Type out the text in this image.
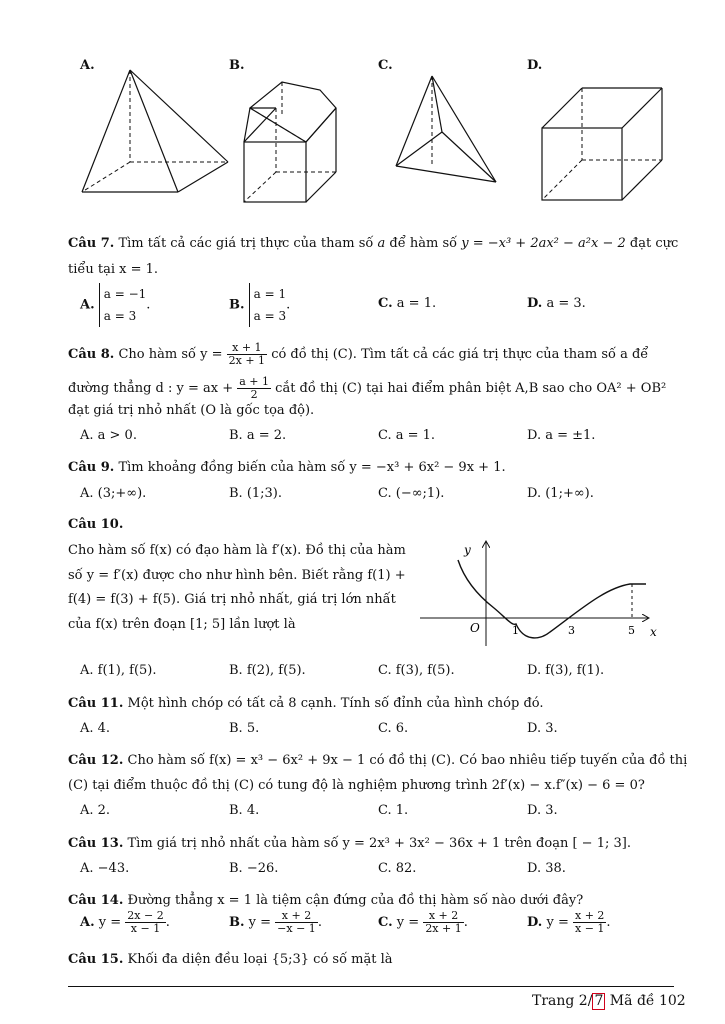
A.	B.	C.	D.
Câu 7. Tìm tất cả các giá trị thực của tham số a để hàm số y = −x³ + 2ax² − a²x − 2 đạt cực
tiểu tại x = 1.
A.
a = −1
a = 3
.	B.
a = 1
a = 3
.	C. a = 1.	D. a = 3.
Câu 8. Cho hàm số $y = \frac{x + 1}{2x + 1}$ có đồ thị (C). Tìm tất cả các giá trị thực của tham số a để
đường thẳng d : y = ax + $\frac{a + 1}{2}$ cắt đồ thị (C) tại hai điểm phân biệt A,B sao cho OA² + OB²
đạt giá trị nhỏ nhất (O là gốc tọa độ).
A. a > 0.	B. a = 2.	C. a = 1.	D. a = ±1.
Câu 9. Tìm khoảng đồng biến của hàm số y = −x³ + 6x² − 9x + 1.
A. (3;+∞).	B. (1;3).	C. (−∞;1).	D. (1;+∞).
Câu 10.
Cho hàm số f(x) có đạo hàm là f′(x). Đồ thị của hàm
số y = f′(x) được cho như hình bên. Biết rằng f(1) +
f(4) = f(3) + f(5). Giá trị nhỏ nhất, giá trị lớn nhất
của f(x) trên đoạn [1; 5] lần lượt là
y
x
O	1	3	5
A. f(1), f(5).	B. f(2), f(5).	C. f(3), f(5).	D. f(3), f(1).
Câu 11. Một hình chóp có tất cả 8 cạnh. Tính số đỉnh của hình chóp đó.
A. 4.	B. 5.	C. 6.	D. 3.
Câu 12. Cho hàm số f(x) = x³ − 6x² + 9x − 1 có đồ thị (C). Có bao nhiêu tiếp tuyến của đồ thị
(C) tại điểm thuộc đồ thị (C) có tung độ là nghiệm phương trình 2f′(x) − x.f″(x) − 6 = 0?
A. 2.	B. 4.	C. 1.	D. 3.
Câu 13. Tìm giá trị nhỏ nhất của hàm số y = 2x³ + 3x² − 36x + 1 trên đoạn [ − 1; 3].
A. −43.	B. −26.	C. 82.	D. 38.
Câu 14. Đường thẳng x = 1 là tiệm cận đứng của đồ thị hàm số nào dưới đây?
A. $y = \frac{2x - 2}{x - 1}$ .	B. $y = \frac{x + 2}{-x - 1}$ .	C. $y = \frac{x + 2}{2x + 1}$ .	D. $y = \frac{x + 2}{x - 1}$ .
Câu 15. Khối đa diện đều loại {5;3} có số mặt là
Trang 2/ 7 Mã đề 102
